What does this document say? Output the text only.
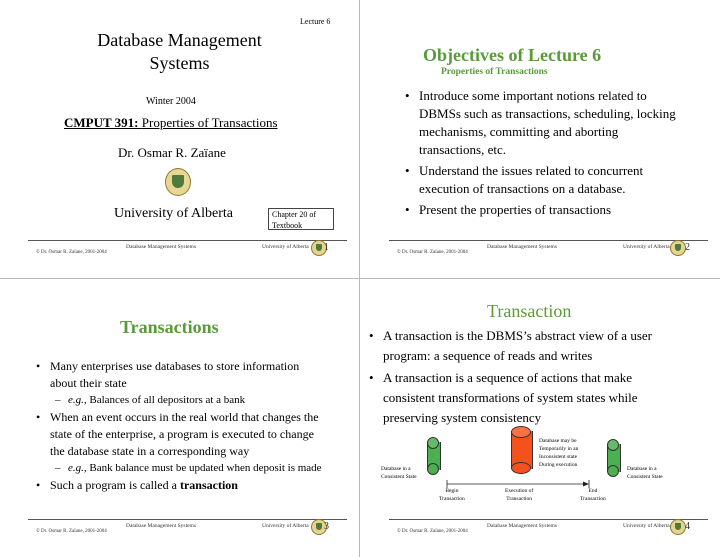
Lecture 6
Database Management
Systems
Winter 2004
CMPUT 391: Properties of Transactions
Dr. Osmar R. Zaïane
University of Alberta	Chapter 20 of
Textbook
© Dr. Osmar R. Zaïane, 2001-2004
Database Management Systems	University of Alberta 1
Objectives of Lecture 6
Properties of Transactions
• Introduce some important notions related to DBMSs such as transactions, scheduling, locking mechanisms, committing and aborting transactions, etc.
• Understand the issues related to concurrent execution of transactions on a database.
• Present the properties of transactions
© Dr. Osmar R. Zaïane, 2001-2004
Database Management Systems	University of Alberta 2
Transactions
• Many enterprises use databases to store information about their state
– e.g., Balances of all depositors at a bank
• When an event occurs in the real world that changes the state of the enterprise, a program is executed to change the database state in a corresponding way
– e.g., Bank balance must be updated when deposit is made
• Such a program is called a transaction
© Dr. Osmar R. Zaïane, 2001-2004
Database Management Systems	University of Alberta 3
Transaction
• A transaction is the DBMS’s abstract view of a user program: a sequence of reads and writes
• A transaction is a sequence of actions that make consistent transformations of system states while preserving system consistency
Database in a
Consistent State
Database may be
Temporarily in an
Inconsistent state
During execution
Database in a
Consistent State
Begin
Transaction
Execution of
Transaction
End
Transaction
© Dr. Osmar R. Zaïane, 2001-2004
Database Management Systems	University of Alberta 4
